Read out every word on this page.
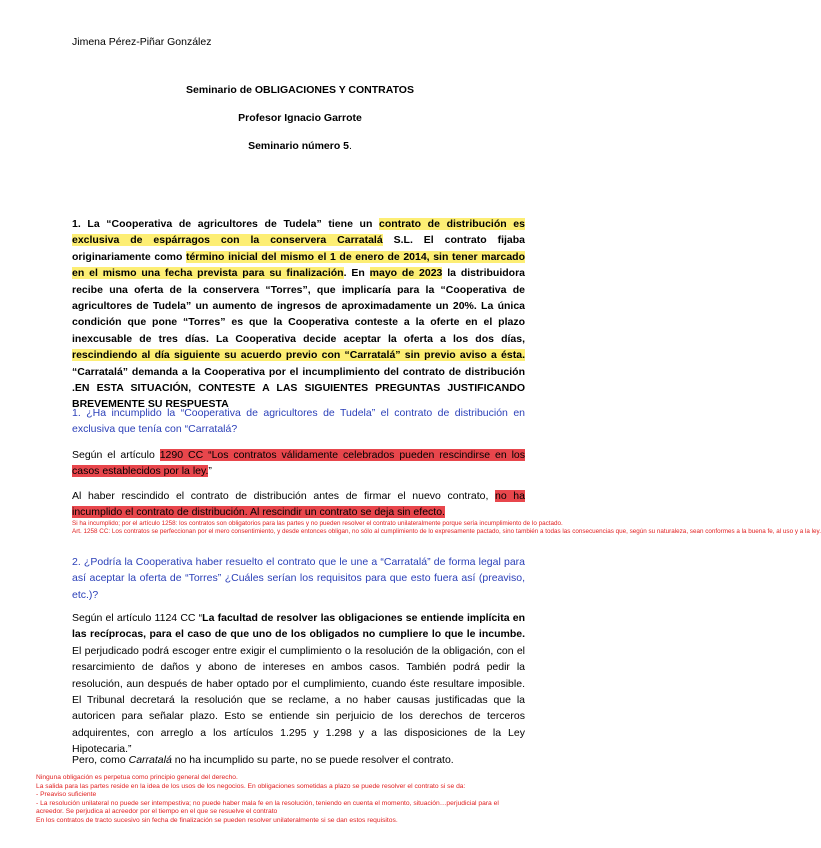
Jimena Pérez-Piñar González
Seminario de OBLIGACIONES Y CONTRATOS
Profesor Ignacio Garrote
Seminario número 5.
1. La “Cooperativa de agricultores de Tudela” tiene un contrato de distribución es exclusiva de espárragos con la conservera Carratalá S.L. El contrato fijaba originariamente como término inicial del mismo el 1 de enero de 2014, sin tener marcado en el mismo una fecha prevista para su finalización. En mayo de 2023 la distribuidora recibe una oferta de la conservera “Torres”, que implicaría para la “Cooperativa de agricultores de Tudela” un aumento de ingresos de aproximadamente un 20%. La única condición que pone “Torres” es que la Cooperativa conteste a la oferte en el plazo inexcusable de tres días. La Cooperativa decide aceptar la oferta a los dos días, rescindiendo al día siguiente su acuerdo previo con “Carratalá” sin previo aviso a ésta. “Carratalá” demanda a la Cooperativa por el incumplimiento del contrato de distribución .EN ESTA SITUACIÓN, CONTESTE A LAS SIGUIENTES PREGUNTAS JUSTIFICANDO BREVEMENTE SU RESPUESTA
1. ¿Ha incumplido la “Cooperativa de agricultores de Tudela” el contrato de distribución en exclusiva que tenía con “Carratalá?
Según el artículo 1290 CC “Los contratos válidamente celebrados pueden rescindirse en los casos establecidos por la ley.”
Al haber rescindido el contrato de distribución antes de firmar el nuevo contrato, no ha incumplido el contrato de distribución. Al rescindir un contrato se deja sin efecto.
Si ha incumplido; por el artículo 1258: los contratos son obligatorios para las partes y no pueden resolver el contrato unilateralmente porque sería incumplimiento de lo pactado.
Art. 1258 CC: Los contratos se perfeccionan por el mero consentimiento, y desde entonces obligan, no sólo al cumplimiento de lo expresamente pactado, sino también a todas las consecuencias que, según su naturaleza, sean conformes a la buena fe, al uso y a la ley.
2. ¿Podría la Cooperativa haber resuelto el contrato que le une a “Carratalá” de forma legal para así aceptar la oferta de “Torres” ¿Cuáles serían los requisitos para que esto fuera así (preaviso, etc.)?
Según el artículo 1124 CC “La facultad de resolver las obligaciones se entiende implícita en las recíprocas, para el caso de que uno de los obligados no cumpliere lo que le incumbe. El perjudicado podrá escoger entre exigir el cumplimiento o la resolución de la obligación, con el resarcimiento de daños y abono de intereses en ambos casos. También podrá pedir la resolución, aun después de haber optado por el cumplimiento, cuando éste resultare imposible. El Tribunal decretará la resolución que se reclame, a no haber causas justificadas que la autoricen para señalar plazo. Esto se entiende sin perjuicio de los derechos de terceros adquirentes, con arreglo a los artículos 1.295 y 1.298 y a las disposiciones de la Ley Hipotecaria.”
Pero, como Carratalá no ha incumplido su parte, no se puede resolver el contrato.
Ninguna obligación es perpetua como principio general del derecho.
La salida para las partes reside en la idea de los usos de los negocios. En obligaciones sometidas a plazo se puede resolver el contrato si se da:
- Preaviso suficiente
- La resolución unilateral no puede ser intempestiva; no puede haber mala fe en la resolución, teniendo en cuenta el momento, situación…perjudicial para el
acreedor. Se perjudica al acreedor por el tiempo en el que se resuelve el contrato
En los contratos de tracto sucesivo sin fecha de finalización se pueden resolver unilateralmente si se dan estos requisitos.
